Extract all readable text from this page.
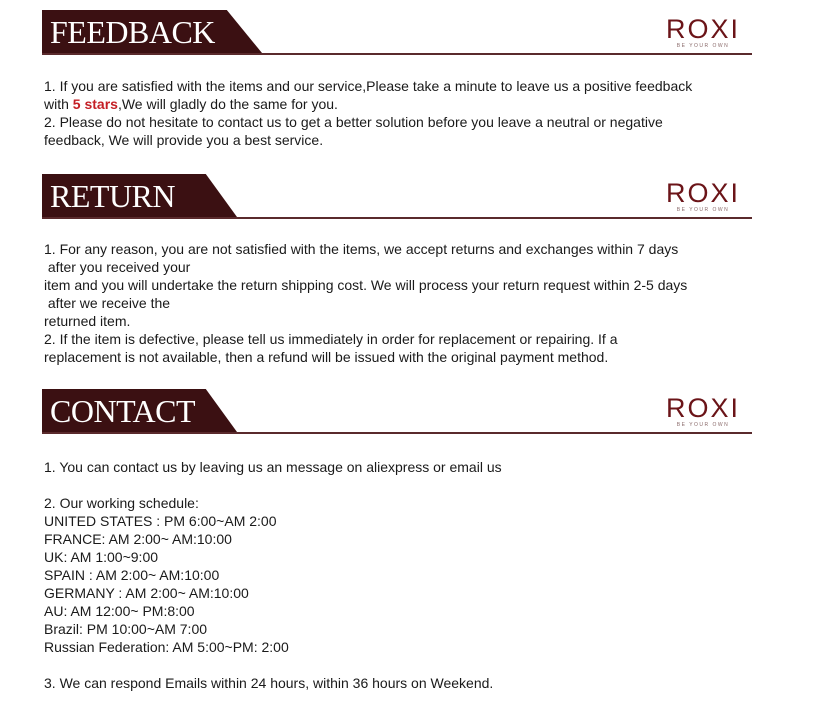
FEEDBACK	ROXI
BE YOUR OWN

1. If you are satisfied with the items and our service,Please take a minute to leave us a positive feedback

with 5 stars,We will gladly do the same for you.

2. Please do not hesitate to contact us to get a better solution before you leave a neutral or negative

feedback, We will provide you a best service.

RETURN	ROXI
BE YOUR OWN

1. For any reason, you are not satisfied with the items, we accept returns and exchanges within 7 days

after you received your

item and you will undertake the return shipping cost. We will process your return request within 2-5 days

after we receive the

returned item.

2. If the item is defective, please tell us immediately in order for replacement or repairing. If a

replacement is not available, then a refund will be issued with the original payment method.

CONTACT	ROXI
BE YOUR OWN

1. You can contact us by leaving us an message on aliexpress or email us

2. Our working schedule:

UNITED STATES : PM 6:00~AM 2:00

FRANCE: AM 2:00~ AM:10:00

UK: AM 1:00~9:00

SPAIN : AM 2:00~ AM:10:00

GERMANY : AM 2:00~ AM:10:00

AU: AM 12:00~ PM:8:00

Brazil: PM 10:00~AM 7:00

Russian Federation: AM 5:00~PM: 2:00

3. We can respond Emails within 24 hours, within 36 hours on Weekend.
